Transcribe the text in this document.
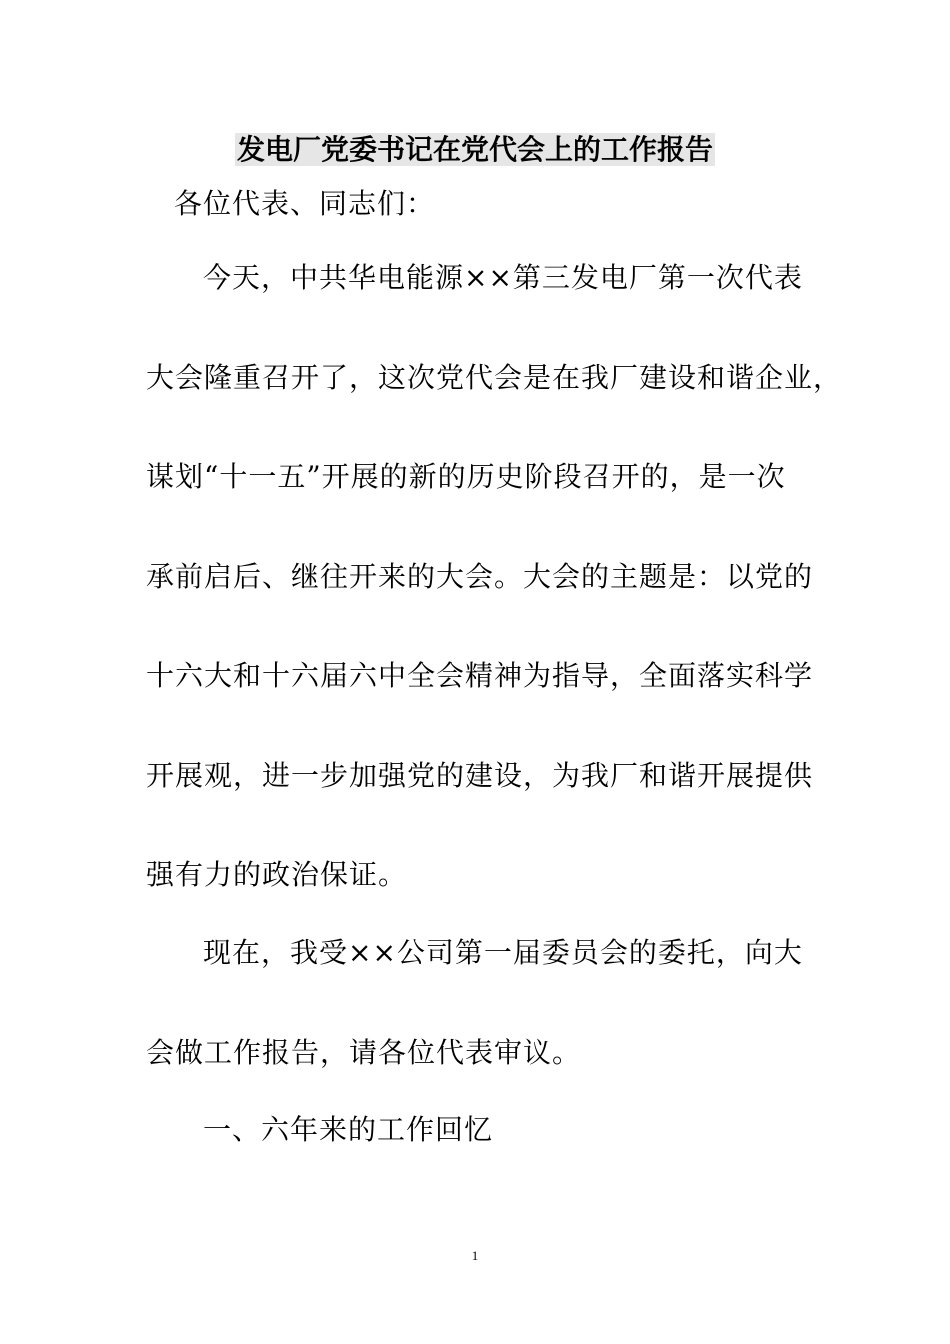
发电厂党委书记在党代会上的工作报告
各位代表、同志们：
今天，中共华电能源××第三发电厂第一次代表
大会隆重召开了，这次党代会是在我厂建设和谐企业，
谋划“十一五”开展的新的历史阶段召开的，是一次
承前启后、继往开来的大会。大会的主题是：以党的
十六大和十六届六中全会精神为指导，全面落实科学
开展观，进一步加强党的建设，为我厂和谐开展提供
强有力的政治保证。
现在，我受××公司第一届委员会的委托，向大
会做工作报告，请各位代表审议。
一、六年来的工作回忆
1
